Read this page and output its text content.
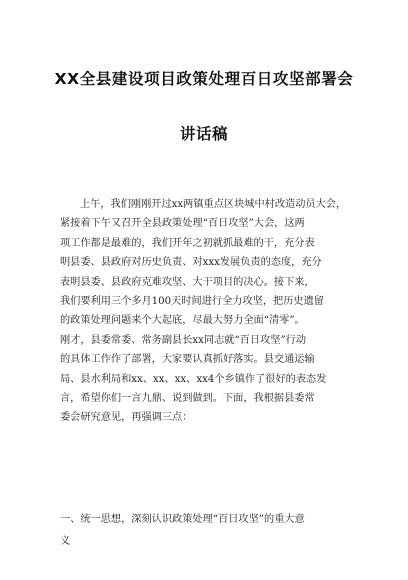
XX全县建设项目政策处理百日攻坚部署会
讲话稿
上午，我们刚刚开过xx两镇重点区块城中村改造动员大会，
紧接着下午又召开全县政策处理“百日攻坚”大会，这两
项工作都是最难的，我们开年之初就抓最难的干，充分表
明县委、县政府对历史负责、对xxx发展负责的态度，充分
表明县委、县政府克难攻坚、大干项目的决心。接下来，
我们要利用三个多月100天时间进行全力攻坚，把历史遗留
的政策处理问题来个大起底，尽最大努力全面“清零”。
刚才，县委常委、常务副县长xx同志就“百日攻坚”行动
的具体工作作了部署，大家要认真抓好落实。县交通运输
局、县水利局和xx、xx、xx、xx4个乡镇作了很好的表态发
言，希望你们一言九鼎、说到做到。下面，我根据县委常
委会研究意见，再强调三点：
一、统一思想，深刻认识政策处理“百日攻坚”的重大意
义
